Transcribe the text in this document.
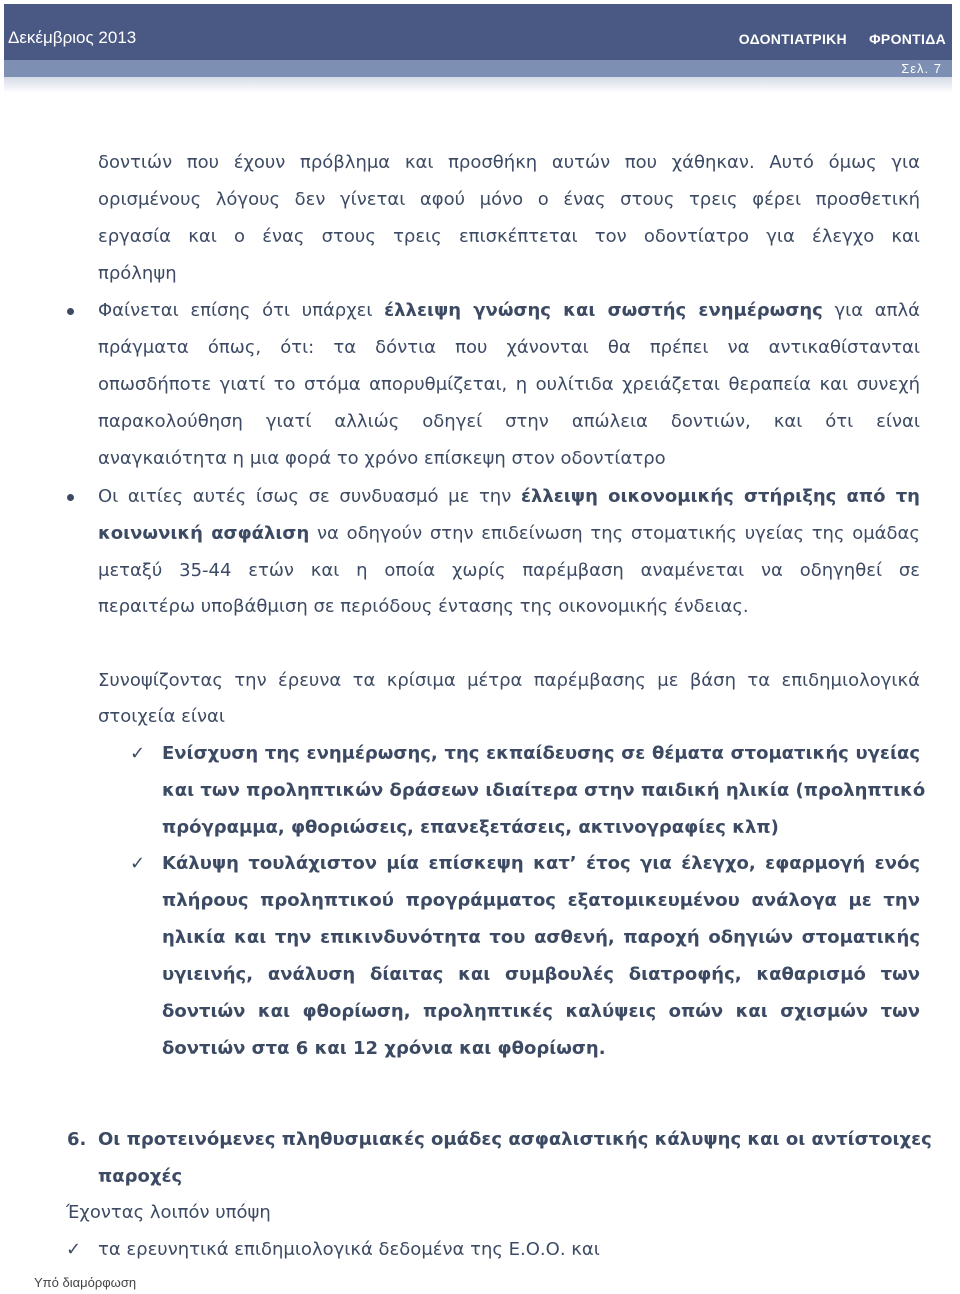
Δεκέμβριος 2013	ΟΔΟΝΤΙΑΤΡΙΚΗ ΦΡΟΝΤΙΔΑ
Σελ. 7
δοντιών που έχουν πρόβλημα και προσθήκη αυτών που χάθηκαν. Αυτό όμως για
ορισμένους λόγους δεν γίνεται αφού μόνο ο ένας στους τρεις φέρει προσθετική
εργασία και ο ένας στους τρεις επισκέπτεται τον οδοντίατρο για έλεγχο και
πρόληψη
Φαίνεται επίσης ότι υπάρχει έλλειψη γνώσης και σωστής ενημέρωσης για απλά
πράγματα όπως, ότι: τα δόντια που χάνονται θα πρέπει να αντικαθίστανται
οπωσδήποτε γιατί το στόμα απορυθμίζεται, η ουλίτιδα χρειάζεται θεραπεία και συνεχή
παρακολούθηση γιατί αλλιώς οδηγεί στην απώλεια δοντιών, και ότι είναι
αναγκαιότητα η μια φορά το χρόνο επίσκεψη στον οδοντίατρο
Οι αιτίες αυτές ίσως σε συνδυασμό με την έλλειψη οικονομικής στήριξης από τη
κοινωνική ασφάλιση να οδηγούν στην επιδείνωση της στοματικής υγείας της ομάδας
μεταξύ 35-44 ετών και η οποία χωρίς παρέμβαση αναμένεται να οδηγηθεί σε
περαιτέρω υποβάθμιση σε περιόδους έντασης της οικονομικής ένδειας.
Συνοψίζοντας την έρευνα τα κρίσιμα μέτρα παρέμβασης με βάση τα επιδημιολογικά
στοιχεία είναι
✓ Ενίσχυση της ενημέρωσης, της εκπαίδευσης σε θέματα στοματικής υγείας
και των προληπτικών δράσεων ιδιαίτερα στην παιδική ηλικία (προληπτικό
πρόγραμμα, φθοριώσεις, επανεξετάσεις, ακτινογραφίες κλπ)
✓ Κάλυψη τουλάχιστον μία επίσκεψη κατ’ έτος για έλεγχο, εφαρμογή ενός
πλήρους προληπτικού προγράμματος εξατομικευμένου ανάλογα με την
ηλικία και την επικινδυνότητα του ασθενή, παροχή οδηγιών στοματικής
υγιεινής, ανάλυση δίαιτας και συμβουλές διατροφής, καθαρισμό των
δοντιών και φθορίωση, προληπτικές καλύψεις οπών και σχισμών των
δοντιών στα 6 και 12 χρόνια και φθορίωση.
6. Οι προτεινόμενες πληθυσμιακές ομάδες ασφαλιστικής κάλυψης και οι αντίστοιχες
παροχές
Έχοντας λοιπόν υπόψη
✓ τα ερευνητικά επιδημιολογικά δεδομένα της Ε.Ο.Ο. και
Υπό διαμόρφωση
